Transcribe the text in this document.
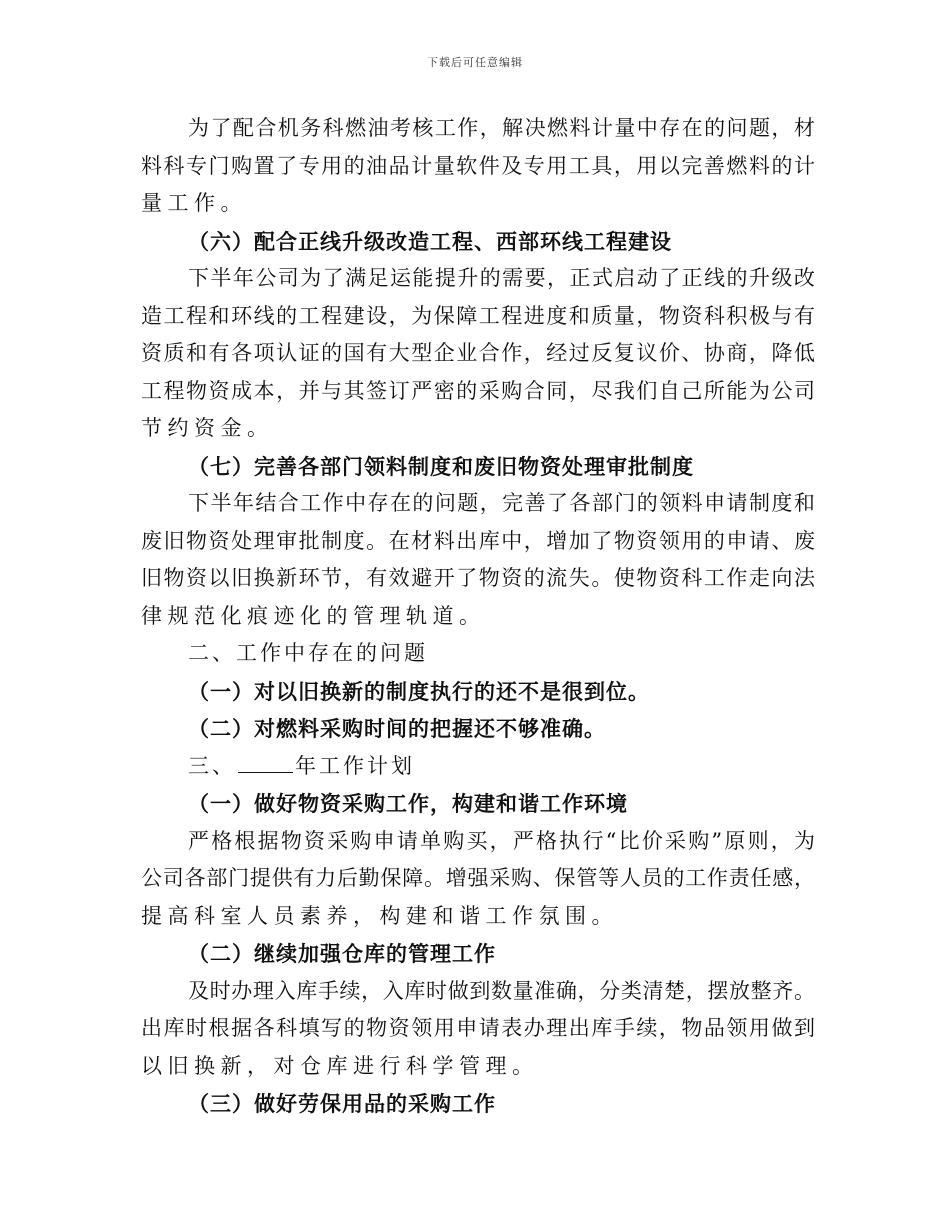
下载后可任意编辑
为 了 配 合 机 务 科 燃 油 考 核 工 作 ， 解 决 燃 料 计 量 中 存 在 的 问 题 ， 材
料 科 专 门 购 置 了 专 用 的 油 品 计 量 软 件 及 专 用 工 具 ， 用 以 完 善 燃 料 的 计
量工作。
（六）配合正线升级改造工程、西部环线工程建设
下 半 年 公 司 为 了 满 足 运 能 提 升 的 需 要 ， 正 式 启 动 了 正 线 的 升 级 改
造 工 程 和 环 线 的 工 程 建 设 ， 为 保 障 工 程 进 度 和 质 量 ， 物 资 科 积 极 与 有
资 质 和 有 各 项 认 证 的 国 有 大 型 企 业 合 作 ， 经 过 反 复 议 价 、 协 商 ， 降 低
工 程 物 资 成 本 ， 并 与 其 签 订 严 密 的 采 购 合 同 ， 尽 我 们 自 己 所 能 为 公 司
节约资金。
（七）完善各部门领料制度和废旧物资处理审批制度
下 半 年 结 合 工 作 中 存 在 的 问 题 ， 完 善 了 各 部 门 的 领 料 申 请 制 度 和
废 旧 物 资 处 理 审 批 制 度 。 在 材 料 出 库 中 ， 增 加 了 物 资 领 用 的 申 请 、 废
旧 物 资 以 旧 换 新 环 节 ， 有 效 避 开 了 物 资 的 流 失 。 使 物 资 科 工 作 走 向 法
律规范化痕迹化的管理轨道。
二、工作中存在的问题
（一）对以旧换新的制度执行的还不是很到位。
（二）对燃料采购时间的把握还不够准确。
三、	年工作计划
（一）做好物资采购工作，构建和谐工作环境
严 格 根 据 物 资 采 购 申 请 单 购 买 ， 严 格 执 行 “ 比 价 采 购 ” 原 则 ， 为
公 司 各 部 门 提 供 有 力 后 勤 保 障 。 增 强 采 购 、 保 管 等 人 员 的 工 作 责 任 感 ，
提高科室人员素养，构建和谐工作氛围。
（二）继续加强仓库的管理工作
及 时 办 理 入 库 手 续 ， 入 库 时 做 到 数 量 准 确 ， 分 类 清 楚 ， 摆 放 整 齐 。
出 库 时 根 据 各 科 填 写 的 物 资 领 用 申 请 表 办 理 出 库 手 续 ， 物 品 领 用 做 到
以旧换新，对仓库进行科学管理。
（三）做好劳保用品的采购工作
